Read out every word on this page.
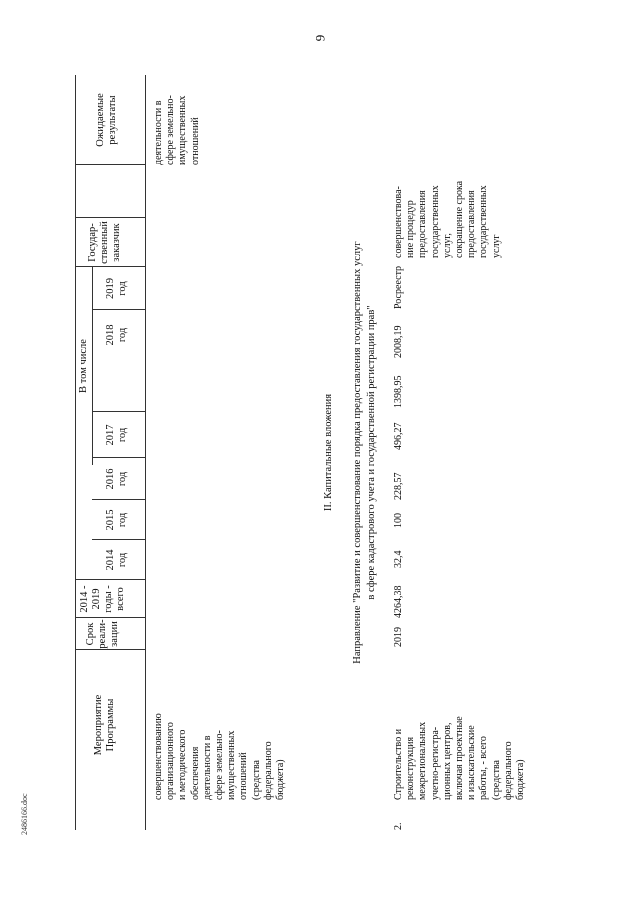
9
Мероприятие
Программы
Срок
реали-
зации
2014 -
2019
годы -
всего
В том числе
2014
год
2015
год
2016
год
2017
год
2018
год
2019
год
Государ-
ственный
заказчик
Ожидаемые
результаты
совершенствованию
организационного
и методического
обеспечения
деятельности в
сфере земельно-
имущественных
отношений
(средства
федерального
бюджета)
деятельности в
сфере земельно-
имущественных
отношений
II. Капитальные вложения Направление "Развитие и совершенствование порядка предоставления государственных услуг в сфере кадастрового учета и государственной регистрации прав"
2.
Строительство и
реконструкция
межрегиональных
учетно-регистра-
ционных центров,
включая проектные
и изыскательские
работы, - всего
(средства
федерального
бюджета)
2019
4264,38
32,4
100
228,57
496,27
1398,95
2008,19
Росреестр
совершенствова-
ние процедур
предоставления
государственных
услуг,
сокращение срока
предоставления
государственных
услуг
2486166.doc
